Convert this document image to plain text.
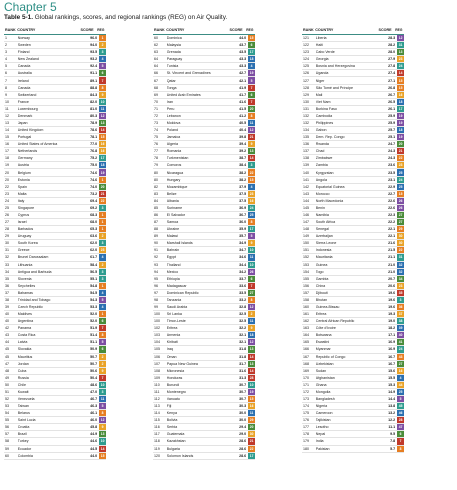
Chapter 5
Table 5-1. Global rankings, scores, and regional rankings (REG) on Air Quality.
RANK COUNTRY	SCORE	REG
1	Norway	96.0	1
2	Sweden	94.0	2
3	Finland	93.5	3
4	New Zealand	93.2	4
5	Canada	92.4	5
6	Australia	91.1	6
7	Ireland	89.1	7
8	Canada	88.8	8
9	Switzerland	84.3	9
10	France	82.0	10
11	Luxembourg	81.0	11
12	Denmark	80.3	12
13	Japan	78.9	13
14	United Kingdom	78.6	14
15	Portugal	78.1	15
16	United States of America	77.0	16
17	Netherlands	76.8	16
18	Germany	75.2	17
19	Austria	75.0	18
20	Belgium	74.6	19
20	Estonia	74.6	1
22	Spain	74.0	20
23	Malta	73.2	21
24	Italy	69.4	22
25	Singapore	69.2	3
26	Cyprus	68.3	1
27	Israel	68.0	1
28	Barbados	65.3	1
29	Uruguay	63.6	2
30	South Korea	62.0	3
31	Greece	62.0	23
32	Brunei Darussalam	61.7	4
33	Lithuania	58.4	2
34	Antigua and Barbuda	56.5	3
35	Slovenia	55.1	3
36	Seychelles	54.8	1
37	Bahamas	54.5	4
38	Trinidad and Tobago	54.3	5
39	Czech Republic	53.3	4
40	Maldives	52.0	1
40	Argentina	52.0	6
42	Panama	51.9	7
43	Costa Rica	51.4	8
44	Latvia	51.1	5
45	Slovakia	50.9	6
45	Mauritius	50.7	2
47	Jordan	50.7	2
48	Cuba	50.6	9
49	Russia	50.4	7
50	Chile	48.6	10
51	Kuwait	47.0	3
52	Venezuela	46.7	11
53	Taiwan	46.3	5
54	Belarus	46.1	8
55	Saint Lucia	46.0	12
56	Croatia	45.8	9
57	Brazil	44.9	13
58	Turkey	44.6	10
59	Ecuador	44.5	14
60	Colombia	44.0	15
RANK COUNTRY	SCORE	REG
60	Dominica	44.0	15
62	Malaysia	43.7	6
63	Grenada	43.5	17
64	Paraguay	43.3	18
64	Tunisia	43.3	4
66	St. Vincent and Grenadines	42.7	19
67	Qatar	42.1	5
68	Tonga	41.9	7
69	United Arab Emirates	41.7	6
70	Iran	41.6	7
71	Peru	41.5	20
72	Lebanon	41.2	8
73	Moldova	40.5	11
74	Poland	40.4	12
75	Jamaica	39.8	21
76	Algeria	39.4	9
77	Romania	39.2	13
78	Turkmenistan	38.7	14
79	Comoros	38.4	3
80	Nicaragua	38.2	22
80	Hungary	38.2	15
82	Mozambique	37.9	4
83	Belize	37.5	23
84	Albania	37.5	16
85	Suriname	36.9	24
86	El Salvador	36.7	25
87	Samoa	36.0	8
88	Ukraine	35.9	17
89	Malawi	35.7	5
90	Marshall Islands	34.9	9
91	Bahrain	34.7	10
92	Egypt	34.6	11
93	Thailand	34.4	10
94	Mexico	34.2	26
95	Ethiopia	33.7	6
96	Madagascar	33.6	7
97	Dominican Republic	33.5	27
98	Tanzania	33.2	8
99	Saudi Arabia	32.8	12
100	Sri Lanka	32.5	2
100	Timor-Leste	32.5	11
102	Eritrea	32.2	9
103	Armenia	32.1	18
104	Kiribati	32.1	12
105	Iraq	31.8	13
106	Oman	31.8	14
107	Papua New Guinea	31.7	13
108	Micronesia	31.6	14
109	Honduras	31.3	28
110	Burundi	30.7	10
111	Montenegro	30.7	19
112	Vanuatu	30.7	15
113	Fiji	30.3	16
114	Kenya	30.0	11
115	Bolivia	30.0	29
116	Serbia	29.4	20
117	Guatemala	29.0	30
118	Kazakhstan	28.6	21
119	Bulgaria	28.6	22
120	Solomon Islands	28.6	17
RANK COUNTRY	SCORE	REG
121	Liberia	28.3	12
122	Haiti	28.2	31
123	Cabo Verde	28.0	13
124	Georgia	27.9	23
125	Bosnia and Herzegovina	27.8	24
126	Uganda	27.4	14
127	Niger	27.1	15
128	São Tomé and Príncipe	26.8	15
129	Mali	26.7	16
130	Viet Nam	26.5	18
131	Burkina Faso	26.1	17
132	Cambodia	25.9	19
132	Philippines	25.9	19
134	Gabon	25.7	18
135	Dem. Rep. Congo	25.1	19
136	Rwanda	24.7	20
137	Chad	24.3	21
138	Zimbabwe	24.3	22
139	Zambia	23.6	23
140	Kyrgyzstan	23.5	25
141	Angola	23.1	24
142	Equatorial Guinea	22.9	25
143	Morocco	22.7	15
144	North Macedonia	22.6	26
145	Benin	22.6	26
146	Namibia	22.3	27
147	South Africa	22.2	27
148	Senegal	22.1	29
149	Azerbaijan	22.1	30
150	Sierra Leone	21.6	30
151	Indonesia	21.5	22
152	Mauritania	21.1	31
153	Guinea	21.0	32
154	Togo	21.0	32
155	Gambia	20.7	34
156	China	20.6	23
157	Djibouti	19.6	35
158	Bhutan	19.6	3
160	Guinea-Bissau	19.6	36
161	Eritrea	19.3	37
162	Central African Republic	19.0	38
163	Côte d'Ivoire	18.2	39
164	Botswana	17.1	40
165	Eswatini	16.9	41
166	Myanmar	16.9	24
167	Republic of Congo	16.7	43
168	Uzbekistan	16.7	27
169	Sudan	15.6	16
170	Afghanistan	15.5	4
171	Ghana	15.3	44
172	Mongolia	14.9	25
173	Bangladesh	14.4	5
174	Nigeria	13.8	45
175	Cameroon	13.2	46
176	Tajikistan	12.2	28
177	Lesotho	11.1	47
178	Nepal	9.5	6
179	India	7.8	7
180	Pakistan	5.7	8
